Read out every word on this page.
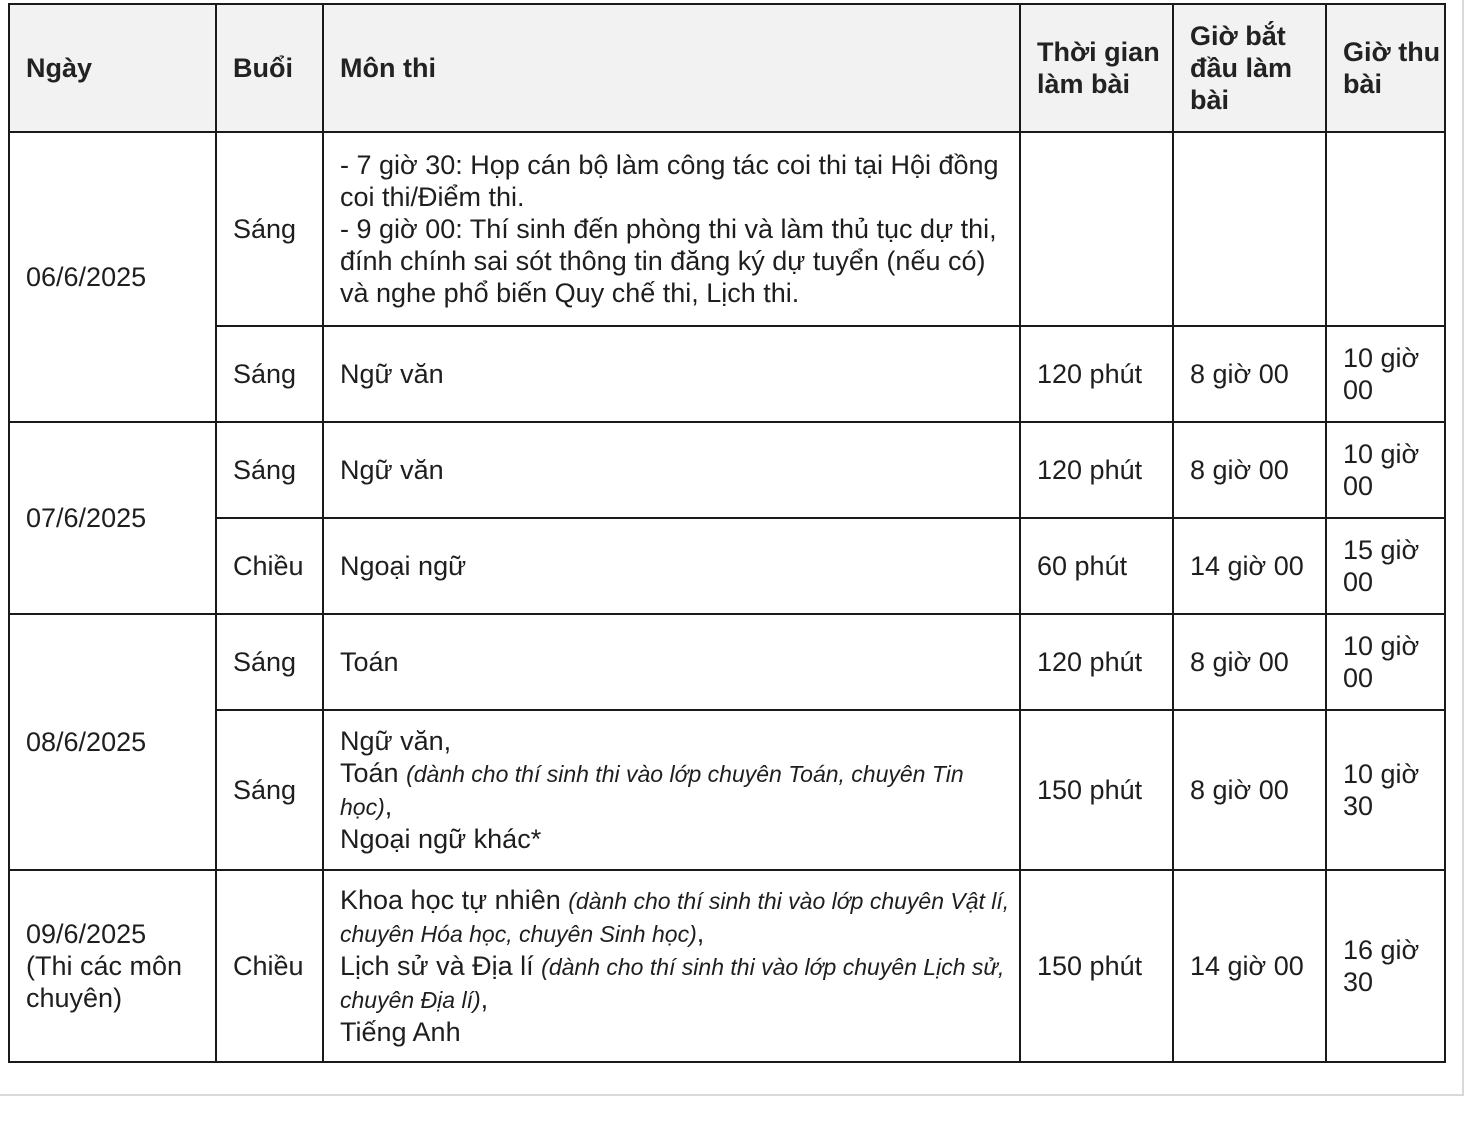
Ngày	Buổi	Môn thi	Thời gian làm bài	Giờ bắt đầu làm bài	Giờ thu bài
06/6/2025	Sáng	- 7 giờ 30: Họp cán bộ làm công tác coi thi tại Hội đồng coi thi/Điểm thi.
- 9 giờ 00: Thí sinh đến phòng thi và làm thủ tục dự thi, đính chính sai sót thông tin đăng ký dự tuyển (nếu có) và nghe phổ biến Quy chế thi, Lịch thi.			

	Sáng	Ngữ văn	120 phút	8 giờ 00	10 giờ 00
07/6/2025	Sáng	Ngữ văn	120 phút	8 giờ 00	10 giờ 00
	Chiều	Ngoại ngữ	60 phút	14 giờ 00	15 giờ 00
08/6/2025	Sáng	Toán	120 phút	8 giờ 00	10 giờ 00
	Sáng	Ngữ văn,
Toán (dành cho thí sinh thi vào lớp chuyên Toán, chuyên Tin học),
Ngoại ngữ khác*	150 phút	8 giờ 00	10 giờ 30

09/6/2025
(Thi các môn chuyên)	Chiều	Khoa học tự nhiên (dành cho thí sinh thi vào lớp chuyên Vật lí, chuyên Hóa học, chuyên Sinh học),
Lịch sử và Địa lí (dành cho thí sinh thi vào lớp chuyên Lịch sử, chuyên Địa lí),
Tiếng Anh	150 phút	14 giờ 00	16 giờ 30
